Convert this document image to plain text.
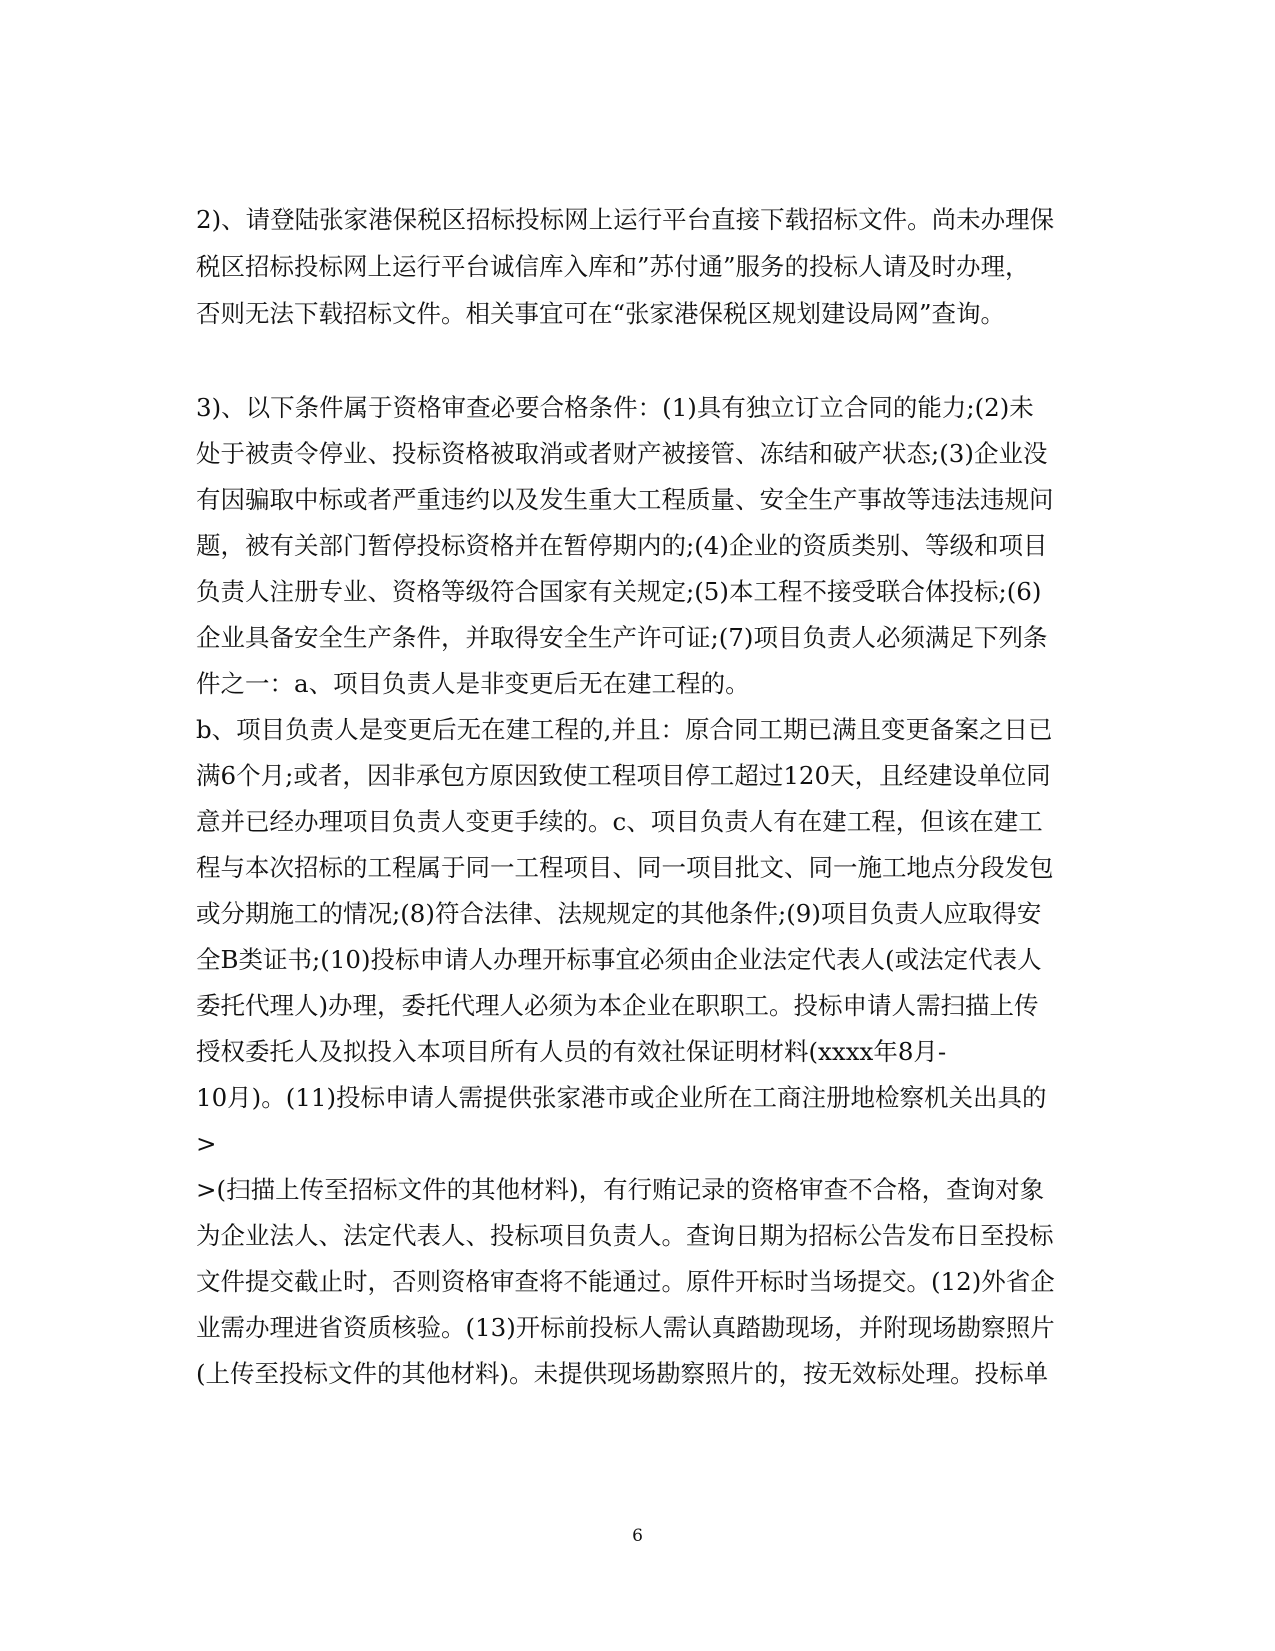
2)、请登陆张家港保税区招标投标网上运行平台直接下载招标文件。尚未办理保
税区招标投标网上运行平台诚信库入库和”苏付通”服务的投标人请及时办理，
否则无法下载招标文件。相关事宜可在“张家港保税区规划建设局网”查询。
3)、以下条件属于资格审查必要合格条件：(1)具有独立订立合同的能力;(2)未
处于被责令停业、投标资格被取消或者财产被接管、冻结和破产状态;(3)企业没
有因骗取中标或者严重违约以及发生重大工程质量、安全生产事故等违法违规问
题，被有关部门暂停投标资格并在暂停期内的;(4)企业的资质类别、等级和项目
负责人注册专业、资格等级符合国家有关规定;(5)本工程不接受联合体投标;(6)
企业具备安全生产条件，并取得安全生产许可证;(7)项目负责人必须满足下列条
件之一：a、项目负责人是非变更后无在建工程的。
b、项目负责人是变更后无在建工程的,并且：原合同工期已满且变更备案之日已
满6个月;或者，因非承包方原因致使工程项目停工超过120天，且经建设单位同
意并已经办理项目负责人变更手续的。c、项目负责人有在建工程，但该在建工
程与本次招标的工程属于同一工程项目、同一项目批文、同一施工地点分段发包
或分期施工的情况;(8)符合法律、法规规定的其他条件;(9)项目负责人应取得安
全B类证书;(10)投标申请人办理开标事宜必须由企业法定代表人(或法定代表人
委托代理人)办理，委托代理人必须为本企业在职职工。投标申请人需扫描上传
授权委托人及拟投入本项目所有人员的有效社保证明材料(xxxx年8月-
10月)。(11)投标申请人需提供张家港市或企业所在工商注册地检察机关出具的
>
>(扫描上传至招标文件的其他材料)，有行贿记录的资格审查不合格，查询对象
为企业法人、法定代表人、投标项目负责人。查询日期为招标公告发布日至投标
文件提交截止时，否则资格审查将不能通过。原件开标时当场提交。(12)外省企
业需办理进省资质核验。(13)开标前投标人需认真踏勘现场，并附现场勘察照片
(上传至投标文件的其他材料)。未提供现场勘察照片的，按无效标处理。投标单
6
